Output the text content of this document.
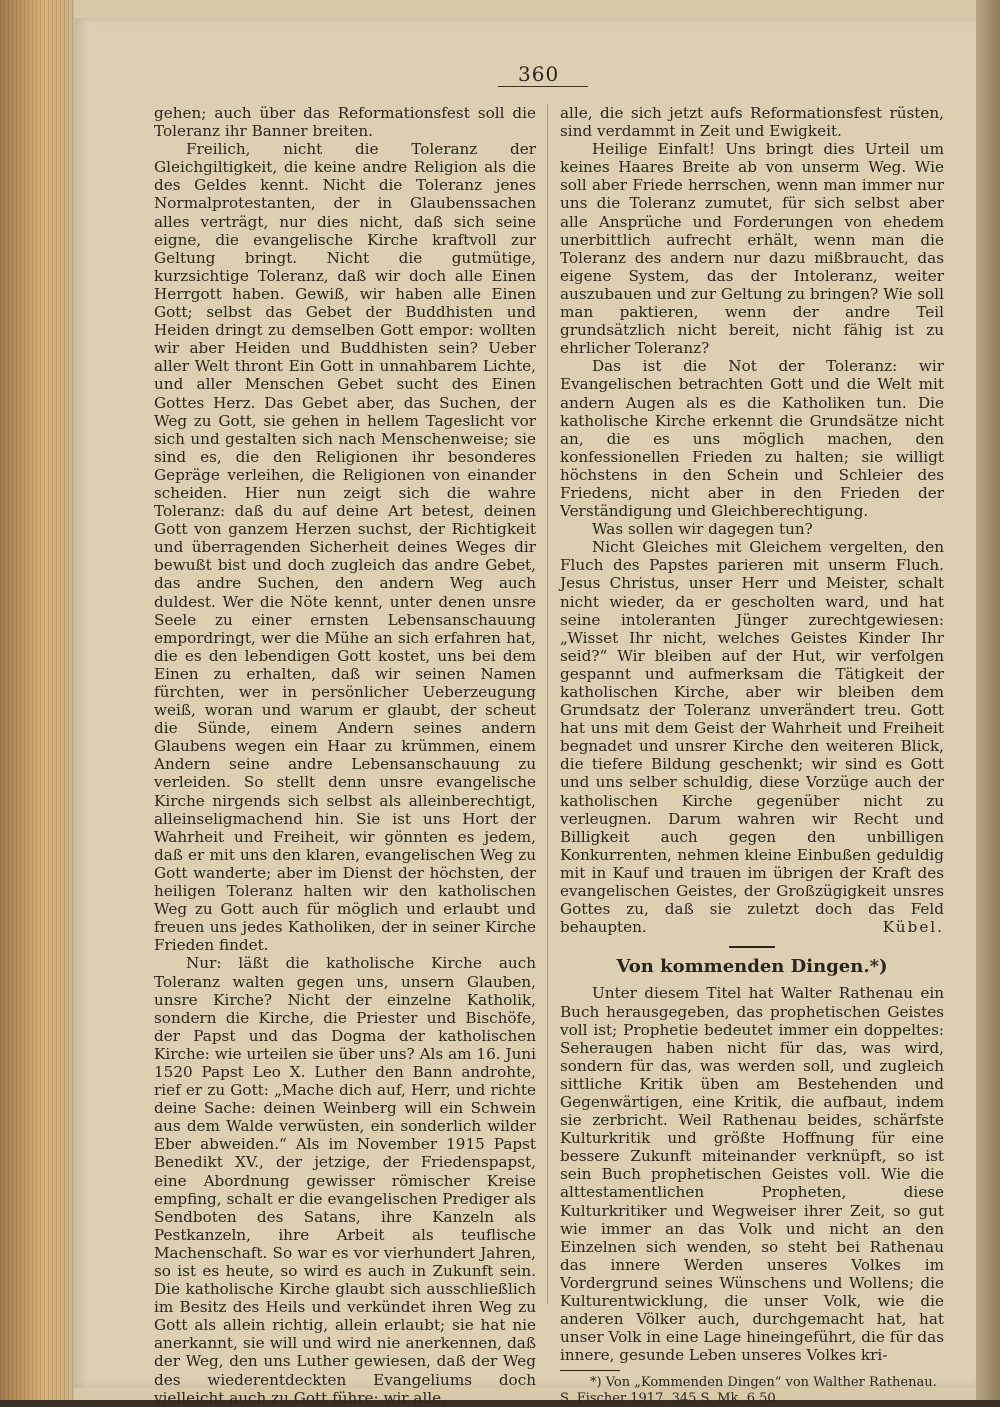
360

gehen; auch über das Reformationsfest soll die Toleranz ihr Banner breiten.

Freilich, nicht die Toleranz der Gleichgiltigkeit, die keine andre Religion als die des Geldes kennt. Nicht die Toleranz jenes Normalprotestanten, der in Glaubenssachen alles verträgt, nur dies nicht, daß sich seine eigne, die evangelische Kirche kraftvoll zur Geltung bringt. Nicht die gutmütige, kurzsichtige Toleranz, daß wir doch alle Einen Herrgott haben. Gewiß, wir haben alle Einen Gott; selbst das Gebet der Buddhisten und Heiden dringt zu demselben Gott empor: wollten wir aber Heiden und Buddhisten sein? Ueber aller Welt thront Ein Gott in unnahbarem Lichte, und aller Menschen Gebet sucht des Einen Gottes Herz. Das Gebet aber, das Suchen, der Weg zu Gott, sie gehen in hellem Tageslicht vor sich und gestalten sich nach Menschenweise; sie sind es, die den Religionen ihr besonderes Gepräge verleihen, die Religionen von einander scheiden. Hier nun zeigt sich die wahre Toleranz: daß du auf deine Art betest, deinen Gott von ganzem Herzen suchst, der Richtigkeit und überragenden Sicherheit deines Weges dir bewußt bist und doch zugleich das andre Gebet, das andre Suchen, den andern Weg auch duldest. Wer die Nöte kennt, unter denen unsre Seele zu einer ernsten Lebensanschauung empordringt, wer die Mühe an sich erfahren hat, die es den lebendigen Gott kostet, uns bei dem Einen zu erhalten, daß wir seinen Namen fürchten, wer in persönlicher Ueberzeugung weiß, woran und warum er glaubt, der scheut die Sünde, einem Andern seines andern Glaubens wegen ein Haar zu krümmen, einem Andern seine andre Lebensanschauung zu verleiden. So stellt denn unsre evangelische Kirche nirgends sich selbst als alleinberechtigt, alleinseligmachend hin. Sie ist uns Hort der Wahrheit und Freiheit, wir gönnten es jedem, daß er mit uns den klaren, evangelischen Weg zu Gott wanderte; aber im Dienst der höchsten, der heiligen Toleranz halten wir den katholischen Weg zu Gott auch für möglich und erlaubt und freuen uns jedes Katholiken, der in seiner Kirche Frieden findet.

Nur: läßt die katholische Kirche auch Toleranz walten gegen uns, unsern Glauben, unsre Kirche? Nicht der einzelne Katholik, sondern die Kirche, die Priester und Bischöfe, der Papst und das Dogma der katholischen Kirche: wie urteilen sie über uns? Als am 16. Juni 1520 Papst Leo X. Luther den Bann androhte, rief er zu Gott: „Mache dich auf, Herr, und richte deine Sache: deinen Weinberg will ein Schwein aus dem Walde verwüsten, ein sonderlich wilder Eber abweiden.“ Als im November 1915 Papst Benedikt XV., der jetzige, der Friedenspapst, eine Abordnung gewisser römischer Kreise empfing, schalt er die evangelischen Prediger als Sendboten des Satans, ihre Kanzeln als Pestkanzeln, ihre Arbeit als teuflische Machenschaft. So war es vor vierhundert Jahren, so ist es heute, so wird es auch in Zukunft sein. Die katholische Kirche glaubt sich ausschließlich im Besitz des Heils und verkündet ihren Weg zu Gott als allein richtig, allein erlaubt; sie hat nie anerkannt, sie will und wird nie anerkennen, daß der Weg, den uns Luther gewiesen, daß der Weg des wiederentdeckten Evangeliums doch vielleicht auch zu Gott führe: wir alle,

alle, die sich jetzt aufs Reformationsfest rüsten, sind verdammt in Zeit und Ewigkeit.

Heilige Einfalt! Uns bringt dies Urteil um keines Haares Breite ab von unserm Weg. Wie soll aber Friede herrschen, wenn man immer nur uns die Toleranz zumutet, für sich selbst aber alle Ansprüche und Forderungen von ehedem unerbittlich aufrecht erhält, wenn man die Toleranz des andern nur dazu mißbraucht, das eigene System, das der Intoleranz, weiter auszubauen und zur Geltung zu bringen? Wie soll man paktieren, wenn der andre Teil grundsätzlich nicht bereit, nicht fähig ist zu ehrlicher Toleranz?

Das ist die Not der Toleranz: wir Evangelischen betrachten Gott und die Welt mit andern Augen als es die Katholiken tun. Die katholische Kirche erkennt die Grundsätze nicht an, die es uns möglich machen, den konfessionellen Frieden zu halten; sie willigt höchstens in den Schein und Schleier des Friedens, nicht aber in den Frieden der Verständigung und Gleichberechtigung.

Was sollen wir dagegen tun?

Nicht Gleiches mit Gleichem vergelten, den Fluch des Papstes parieren mit unserm Fluch. Jesus Christus, unser Herr und Meister, schalt nicht wieder, da er gescholten ward, und hat seine intoleranten Jünger zurechtgewiesen: „Wisset Ihr nicht, welches Geistes Kinder Ihr seid?“ Wir bleiben auf der Hut, wir verfolgen gespannt und aufmerksam die Tätigkeit der katholischen Kirche, aber wir bleiben dem Grundsatz der Toleranz unverändert treu. Gott hat uns mit dem Geist der Wahrheit und Freiheit begnadet und unsrer Kirche den weiteren Blick, die tiefere Bildung geschenkt; wir sind es Gott und uns selber schuldig, diese Vorzüge auch der katholischen Kirche gegenüber nicht zu verleugnen. Darum wahren wir Recht und Billigkeit auch gegen den unbilligen Konkurrenten, nehmen kleine Einbußen geduldig mit in Kauf und trauen im übrigen der Kraft des evangelischen Geistes, der Großzügigkeit unsres Gottes zu, daß sie zuletzt doch das Feld behaupten.	Kübel.

Von kommenden Dingen.*)

Unter diesem Titel hat Walter Rathenau ein Buch herausgegeben, das prophetischen Geistes voll ist; Prophetie bedeutet immer ein doppeltes: Seheraugen haben nicht für das, was wird, sondern für das, was werden soll, und zugleich sittliche Kritik üben am Bestehenden und Gegenwärtigen, eine Kritik, die aufbaut, indem sie zerbricht. Weil Rathenau beides, schärfste Kulturkritik und größte Hoffnung für eine bessere Zukunft miteinander verknüpft, so ist sein Buch prophetischen Geistes voll. Wie die alttestamentlichen Propheten, diese Kulturkritiker und Wegweiser ihrer Zeit, so gut wie immer an das Volk und nicht an den Einzelnen sich wenden, so steht bei Rathenau das innere Werden unseres Volkes im Vordergrund seines Wünschens und Wollens; die Kulturentwicklung, die unser Volk, wie die anderen Völker auch, durchgemacht hat, hat unser Volk in eine Lage hineingeführt, die für das innere, gesunde Leben unseres Volkes kri-

*) Von „Kommenden Dingen“ von Walther Rathenau.

S. Fischer 1917. 345 S. Mk. 6.50.
